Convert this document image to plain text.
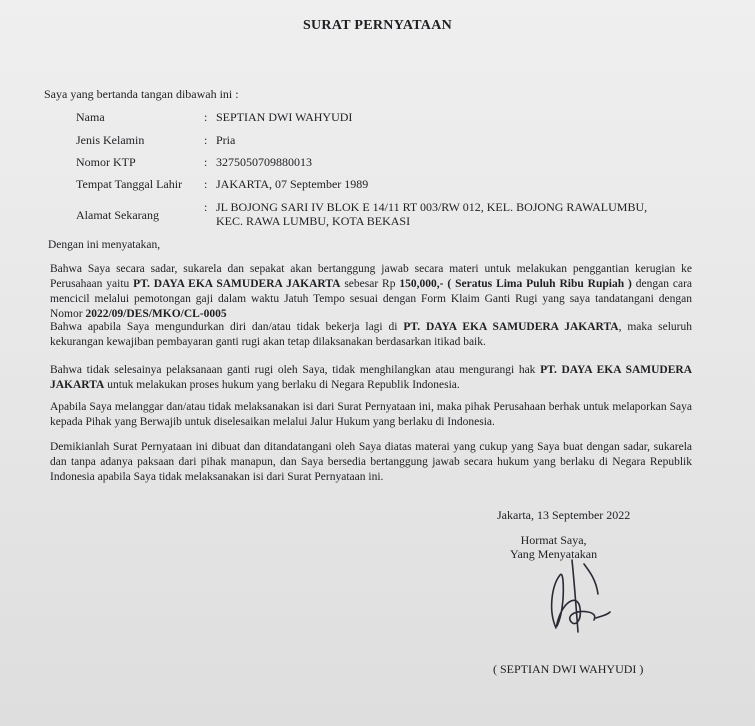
SURAT PERNYATAAN
Saya yang bertanda tangan dibawah ini :
Nama	: SEPTIAN DWI WAHYUDI
Jenis Kelamin	: Pria
Nomor KTP	: 3275050709880013
Tempat Tanggal Lahir : JAKARTA, 07 September 1989
Alamat Sekarang
: JL BOJONG SARI IV BLOK E 14/11 RT 003/RW 012, KEL. BOJONG RAWALUMBU, KEC. RAWA LUMBU, KOTA BEKASI
Dengan ini menyatakan,
Bahwa Saya secara sadar, sukarela dan sepakat akan bertanggung jawab secara materi untuk melakukan penggantian kerugian ke Perusahaan yaitu PT. DAYA EKA SAMUDERA JAKARTA sebesar Rp 150,000,- ( Seratus Lima Puluh Ribu Rupiah ) dengan cara mencicil melalui pemotongan gaji dalam waktu Jatuh Tempo sesuai dengan Form Klaim Ganti Rugi yang saya tandatangani dengan Nomor 2022/09/DES/MKO/CL-0005
Bahwa apabila Saya mengundurkan diri dan/atau tidak bekerja lagi di PT. DAYA EKA SAMUDERA JAKARTA, maka seluruh kekurangan kewajiban pembayaran ganti rugi akan tetap dilaksanakan berdasarkan itikad baik.
Bahwa tidak selesainya pelaksanaan ganti rugi oleh Saya, tidak menghilangkan atau mengurangi hak PT. DAYA EKA SAMUDERA JAKARTA untuk melakukan proses hukum yang berlaku di Negara Republik Indonesia.
Apabila Saya melanggar dan/atau tidak melaksanakan isi dari Surat Pernyataan ini, maka pihak Perusahaan berhak untuk melaporkan Saya kepada Pihak yang Berwajib untuk diselesaikan melalui Jalur Hukum yang berlaku di Indonesia.
Demikianlah Surat Pernyataan ini dibuat dan ditandatangani oleh Saya diatas materai yang cukup yang Saya buat dengan sadar, sukarela dan tanpa adanya paksaan dari pihak manapun, dan Saya bersedia bertanggung jawab secara hukum yang berlaku di Negara Republik Indonesia apabila Saya tidak melaksanakan isi dari Surat Pernyataan ini.
Jakarta, 13 September 2022
Hormat Saya,
Yang Menyatakan
( SEPTIAN DWI WAHYUDI )
